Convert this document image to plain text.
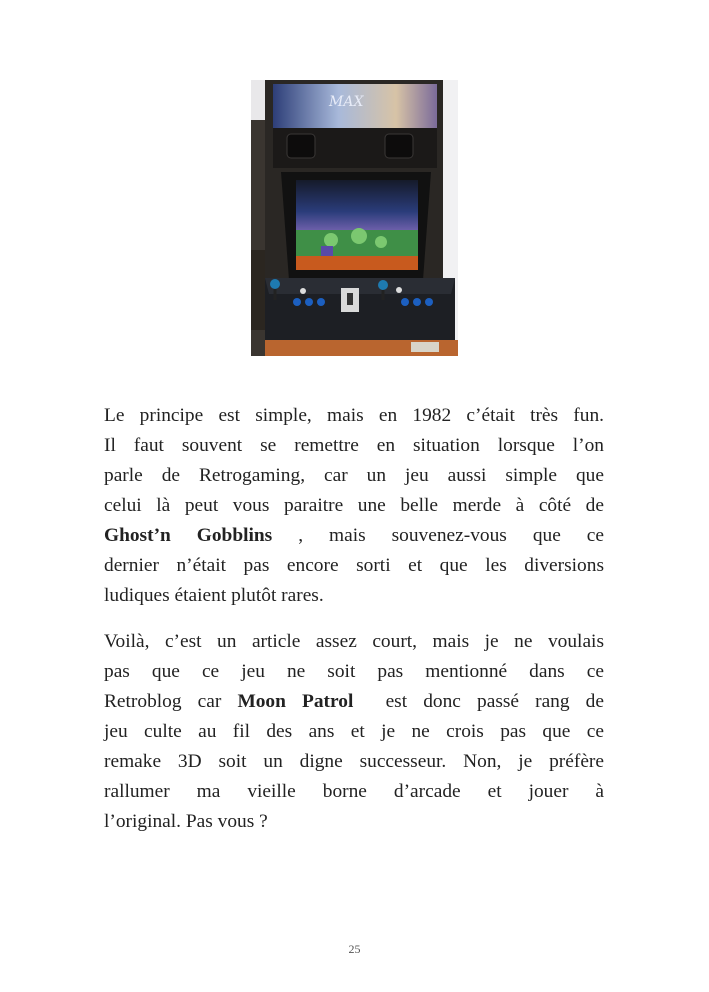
MAX
Le principe est simple, mais en 1982 c’était très fun.
Il faut souvent se remettre en situation lorsque l’on
parle de Retrogaming, car un jeu aussi simple que
celui là peut vous paraitre une belle merde à côté de
Ghost’n Gobblins , mais souvenez-vous que ce
dernier n’était pas encore sorti et que les diversions
ludiques étaient plutôt rares.
Voilà, c’est un article assez court, mais je ne voulais
pas que ce jeu ne soit pas mentionné dans ce
Retroblog car Moon Patrol  est donc passé rang de
jeu culte au fil des ans et je ne crois pas que ce
remake 3D soit un digne successeur. Non, je préfère
rallumer ma vieille borne d’arcade et jouer à
l’original. Pas vous ?
25
